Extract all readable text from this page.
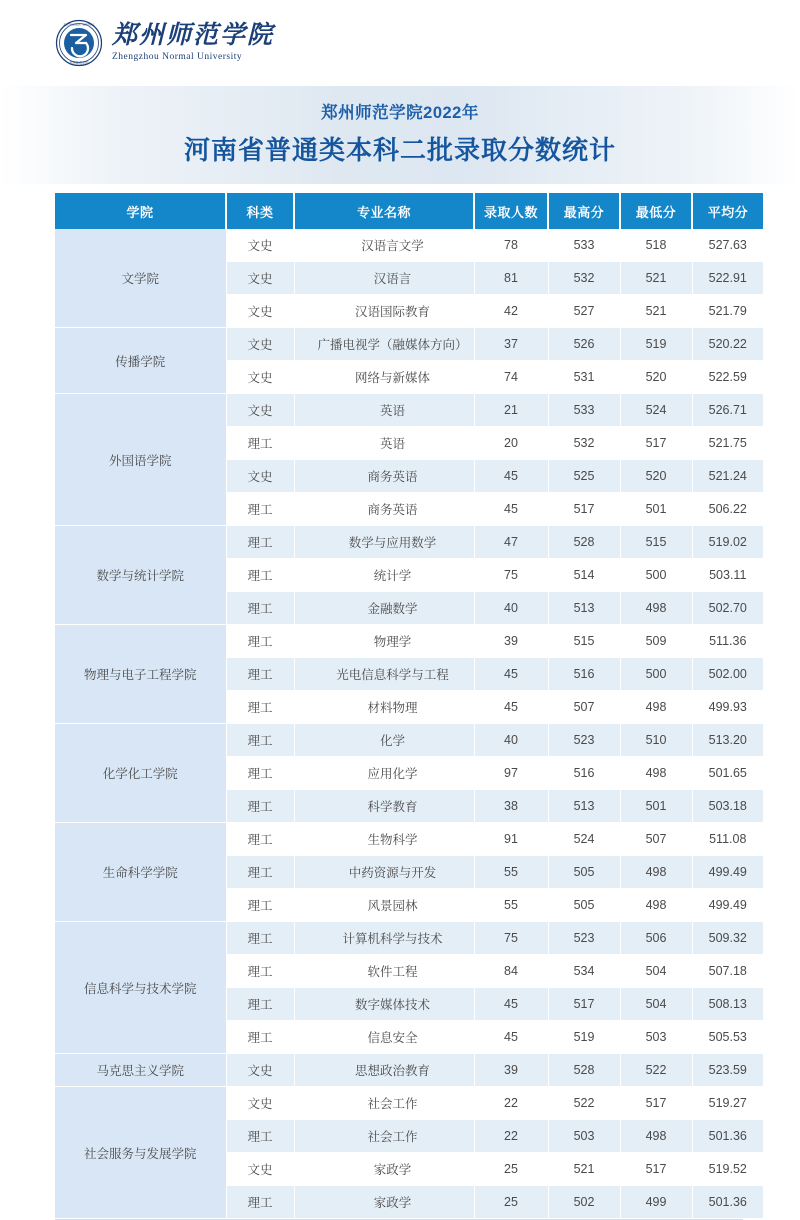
ZHENGZHOU NORMAL
郑州师范学院
郑州师范学院
Zhengzhou Normal University
郑州师范学院2022年
河南省普通类本科二批录取分数统计
学院	科类	专业名称	录取人数	最高分	最低分	平均分
文学院	文史	汉语言文学	78	533	518	527.63
	文史	汉语言	81	532	521	522.91
	文史	汉语国际教育	42	527	521	521.79
传播学院	文史	广播电视学（融媒体方向）	37	526	519	520.22
	文史	网络与新媒体	74	531	520	522.59
外国语学院	文史	英语	21	533	524	526.71
	理工	英语	20	532	517	521.75
	文史	商务英语	45	525	520	521.24
	理工	商务英语	45	517	501	506.22
数学与统计学院	理工	数学与应用数学	47	528	515	519.02
	理工	统计学	75	514	500	503.11
	理工	金融数学	40	513	498	502.70
物理与电子工程学院	理工	物理学	39	515	509	511.36
	理工	光电信息科学与工程	45	516	500	502.00
	理工	材料物理	45	507	498	499.93
化学化工学院	理工	化学	40	523	510	513.20
	理工	应用化学	97	516	498	501.65
	理工	科学教育	38	513	501	503.18
生命科学学院	理工	生物科学	91	524	507	511.08
	理工	中药资源与开发	55	505	498	499.49
	理工	风景园林	55	505	498	499.49
信息科学与技术学院	理工	计算机科学与技术	75	523	506	509.32
	理工	软件工程	84	534	504	507.18
	理工	数字媒体技术	45	517	504	508.13
	理工	信息安全	45	519	503	505.53
马克思主义学院	文史	思想政治教育	39	528	522	523.59
社会服务与发展学院	文史	社会工作	22	522	517	519.27
	理工	社会工作	22	503	498	501.36
	文史	家政学	25	521	517	519.52
	理工	家政学	25	502	499	501.36
